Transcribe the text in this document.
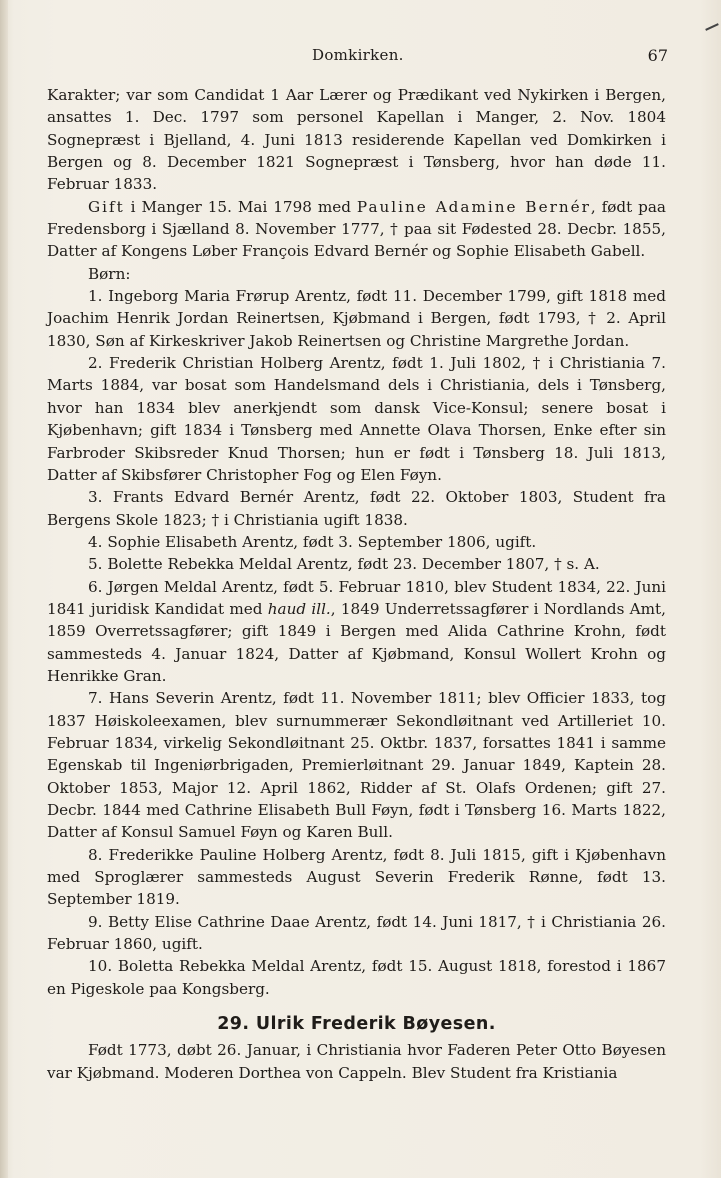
Domkirken.	67

Karakter; var som Candidat 1 Aar Lærer og Prædikant ved Nykirken i Bergen, ansattes 1. Dec. 1797 som personel Kapellan i Manger, 2. Nov. 1804 Sognepræst i Bjelland, 4. Juni 1813 residerende Kapellan ved Domkirken i Bergen og 8. December 1821 Sognepræst i Tønsberg, hvor han døde 11. Februar 1833.

Gift i Manger 15. Mai 1798 med Pauline Adamine Bernér, født paa Fredensborg i Sjælland 8. November 1777, † paa sit Fødested 28. Decbr. 1855, Datter af Kongens Løber François Edvard Bernér og Sophie Elisabeth Gabell.

Børn:

1. Ingeborg Maria Frørup Arentz, født 11. December 1799, gift 1818 med Joachim Henrik Jordan Reinertsen, Kjøbmand i Bergen, født 1793, † 2. April 1830, Søn af Kirkeskriver Jakob Reinertsen og Christine Margrethe Jordan.

2. Frederik Christian Holberg Arentz, født 1. Juli 1802, † i Christiania 7. Marts 1884, var bosat som Handelsmand dels i Christiania, dels i Tønsberg, hvor han 1834 blev anerkjendt som dansk Vice-Konsul; senere bosat i Kjøbenhavn; gift 1834 i Tønsberg med Annette Olava Thorsen, Enke efter sin Farbroder Skibsreder Knud Thorsen; hun er født i Tønsberg 18. Juli 1813, Datter af Skibsfører Christopher Fog og Elen Føyn.

3. Frants Edvard Bernér Arentz, født 22. Oktober 1803, Student fra Bergens Skole 1823; † i Christiania ugift 1838.

4. Sophie Elisabeth Arentz, født 3. September 1806, ugift.

5. Bolette Rebekka Meldal Arentz, født 23. December 1807, † s. A.

6. Jørgen Meldal Arentz, født 5. Februar 1810, blev Student 1834, 22. Juni 1841 juridisk Kandidat med haud ill., 1849 Underretssagfører i Nordlands Amt, 1859 Overretssagfører; gift 1849 i Bergen med Alida Cathrine Krohn, født sammesteds 4. Januar 1824, Datter af Kjøbmand, Konsul Wollert Krohn og Henrikke Gran.

7. Hans Severin Arentz, født 11. November 1811; blev Officier 1833, tog 1837 Høiskoleexamen, blev surnummerær Sekondløitnant ved Artilleriet 10. Februar 1834, virkelig Sekondløitnant 25. Oktbr. 1837, forsattes 1841 i samme Egenskab til Ingeniørbrigaden, Premierløitnant 29. Januar 1849, Kaptein 28. Oktober 1853, Major 12. April 1862, Ridder af St. Olafs Ordenen; gift 27. Decbr. 1844 med Cathrine Elisabeth Bull Føyn, født i Tønsberg 16. Marts 1822, Datter af Konsul Samuel Føyn og Karen Bull.

8. Frederikke Pauline Holberg Arentz, født 8. Juli 1815, gift i Kjøbenhavn med Sproglærer sammesteds August Severin Frederik Rønne, født 13. September 1819.

9. Betty Elise Cathrine Daae Arentz, født 14. Juni 1817, † i Christiania 26. Februar 1860, ugift.

10. Boletta Rebekka Meldal Arentz, født 15. August 1818, forestod i 1867 en Pigeskole paa Kongsberg.

29. Ulrik Frederik Bøyesen.

Født 1773, døbt 26. Januar, i Christiania hvor Faderen Peter Otto Bøyesen var Kjøbmand. Moderen Dorthea von Cappeln. Blev Student fra Kristiania
